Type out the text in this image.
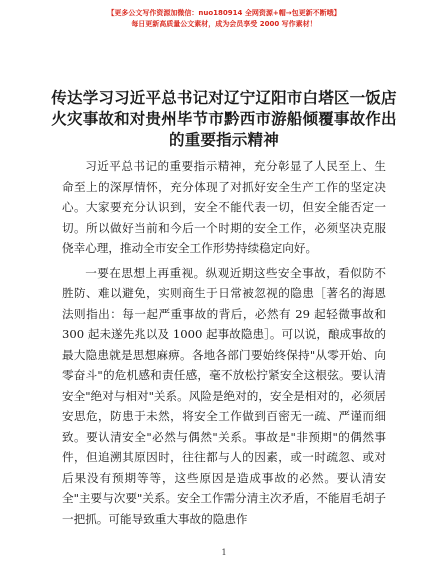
【更多公文写作资源加微信：nuo180914 全网资源+帽→包更新不断哦】
每日更新高质量公文素材，成为会员享受 2000 写作素材！
传达学习习近平总书记对辽宁辽阳市白塔区一饭店火灾事故和对贵州毕节市黔西市游船倾覆事故作出的重要指示精神

习近平总书记的重要指示精神，充分彰显了人民至上、生命至上的深厚情怀，充分体现了对抓好安全生产工作的坚定决心。大家要充分认识到，安全不能代表一切，但安全能否定一切。所以做好当前和今后一个时期的安全工作，必须坚决克服侥幸心理，推动全市安全工作形势持续稳定向好。

一要在思想上再重视。纵观近期这些安全事故，看似防不胜防、难以避免，实则商生于日常被忽视的隐患［著名的海恩法则指出：每一起严重事故的背后，必然有 29 起轻微事故和 300 起未遂先兆以及 1000 起事故隐患］。可以说，酿成事故的最大隐患就是思想麻痹。各地各部门要始终保持"从零开始、向零奋斗"的危机感和责任感，毫不放松拧紧安全这根弦。要认清安全"绝对与相对"关系。风险是绝对的，安全是相对的，必须居安思危，防患于未然，将安全工作做到百密无一疏、严谨而细致。要认清安全"必然与偶然"关系。事故是"非预期"的偶然事件，但追溯其原因时，往往都与人的因素，或一时疏忽、或对后果没有预期等等，这些原因是造成事故的必然。要认清安全"主要与次要"关系。安全工作需分清主次矛盾，不能眉毛胡子一把抓。可能导致重大事故的隐患作

1
